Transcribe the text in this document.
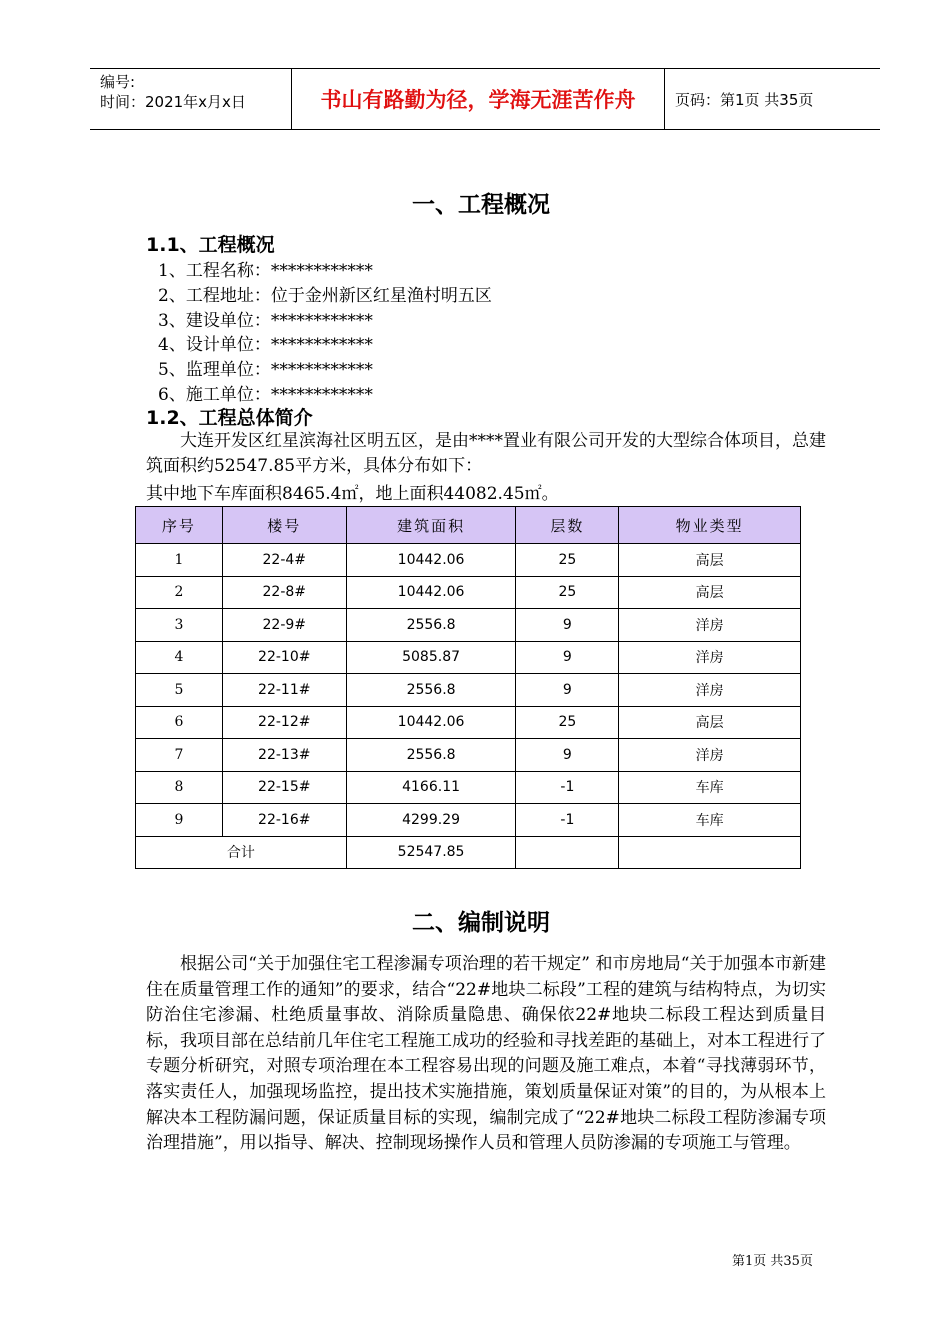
编号:
时间：2021年x月x日	书山有路勤为径，学海无涯苦作舟	页码：第1页 共35页
一、工程概况
1.1、工程概况
1、工程名称：************
2、工程地址：位于金州新区红星渔村明五区
3、建设单位：************
4、设计单位：************
5、监理单位：************
6、施工单位：************
1.2、工程总体简介
大连开发区红星滨海社区明五区，是由****置业有限公司开发的大型综合体项目，总建筑面积约52547.85平方米，具体分布如下：
其中地下车库面积8465.4㎡，地上面积44082.45㎡。
序号	楼号	建筑面积	层数	物业类型
1	22-4#	10442.06	25	高层
2	22-8#	10442.06	25	高层
3	22-9#	2556.8	9	洋房
4	22-10#	5085.87	9	洋房
5	22-11#	2556.8	9	洋房
6	22-12#	10442.06	25	高层
7	22-13#	2556.8	9	洋房
8	22-15#	4166.11	-1	车库
9	22-16#	4299.29	-1	车库
合计		52547.85		
二、编制说明
根据公司“关于加强住宅工程渗漏专项治理的若干规定” 和市房地局“关于加强本市新建住在质量管理工作的通知”的要求，结合“22#地块二标段”工程的建筑与结构特点，为切实防治住宅渗漏、杜绝质量事故、消除质量隐患、确保依22#地块二标段工程达到质量目标，我项目部在总结前几年住宅工程施工成功的经验和寻找差距的基础上，对本工程进行了专题分析研究，对照专项治理在本工程容易出现的问题及施工难点，本着“寻找薄弱环节，落实责任人，加强现场监控，提出技术实施措施，策划质量保证对策”的目的，为从根本上解决本工程防漏问题，保证质量目标的实现，编制完成了“22#地块二标段工程防渗漏专项治理措施”，用以指导、解决、控制现场操作人员和管理人员防渗漏的专项施工与管理。
第1页 共35页
